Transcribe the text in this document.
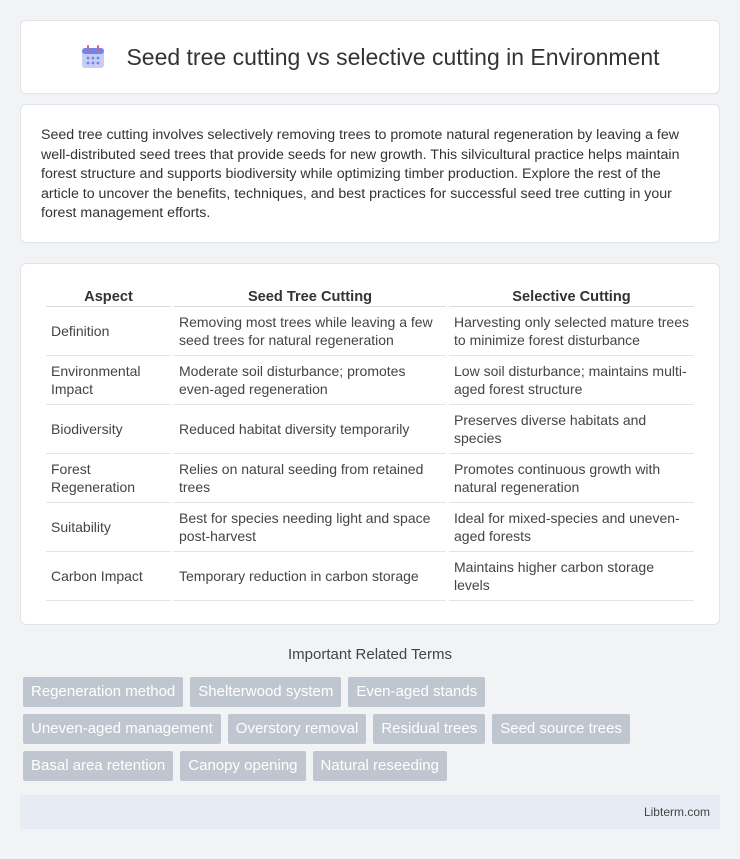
Seed tree cutting vs selective cutting in Environment

Seed tree cutting involves selectively removing trees to promote natural regeneration by leaving a few well-distributed seed trees that provide seeds for new growth. This silvicultural practice helps maintain forest structure and supports biodiversity while optimizing timber production. Explore the rest of the article to uncover the benefits, techniques, and best practices for successful seed tree cutting in your forest management efforts.

Aspect	Seed Tree Cutting	Selective Cutting
Definition	Removing most trees while leaving a few seed trees for natural regeneration	Harvesting only selected mature trees to minimize forest disturbance
Environmental Impact	Moderate soil disturbance; promotes even-aged regeneration	Low soil disturbance; maintains multi-aged forest structure
Biodiversity	Reduced habitat diversity temporarily	Preserves diverse habitats and species
Forest Regeneration	Relies on natural seeding from retained trees	Promotes continuous growth with natural regeneration
Suitability	Best for species needing light and space post-harvest	Ideal for mixed-species and uneven-aged forests
Carbon Impact	Temporary reduction in carbon storage	Maintains higher carbon storage levels
Important Related Terms
Regeneration method	Shelterwood system	Even-aged stands
Uneven-aged management	Overstory removal	Residual trees	Seed source trees
Basal area retention	Canopy opening	Natural reseeding
Libterm.com
